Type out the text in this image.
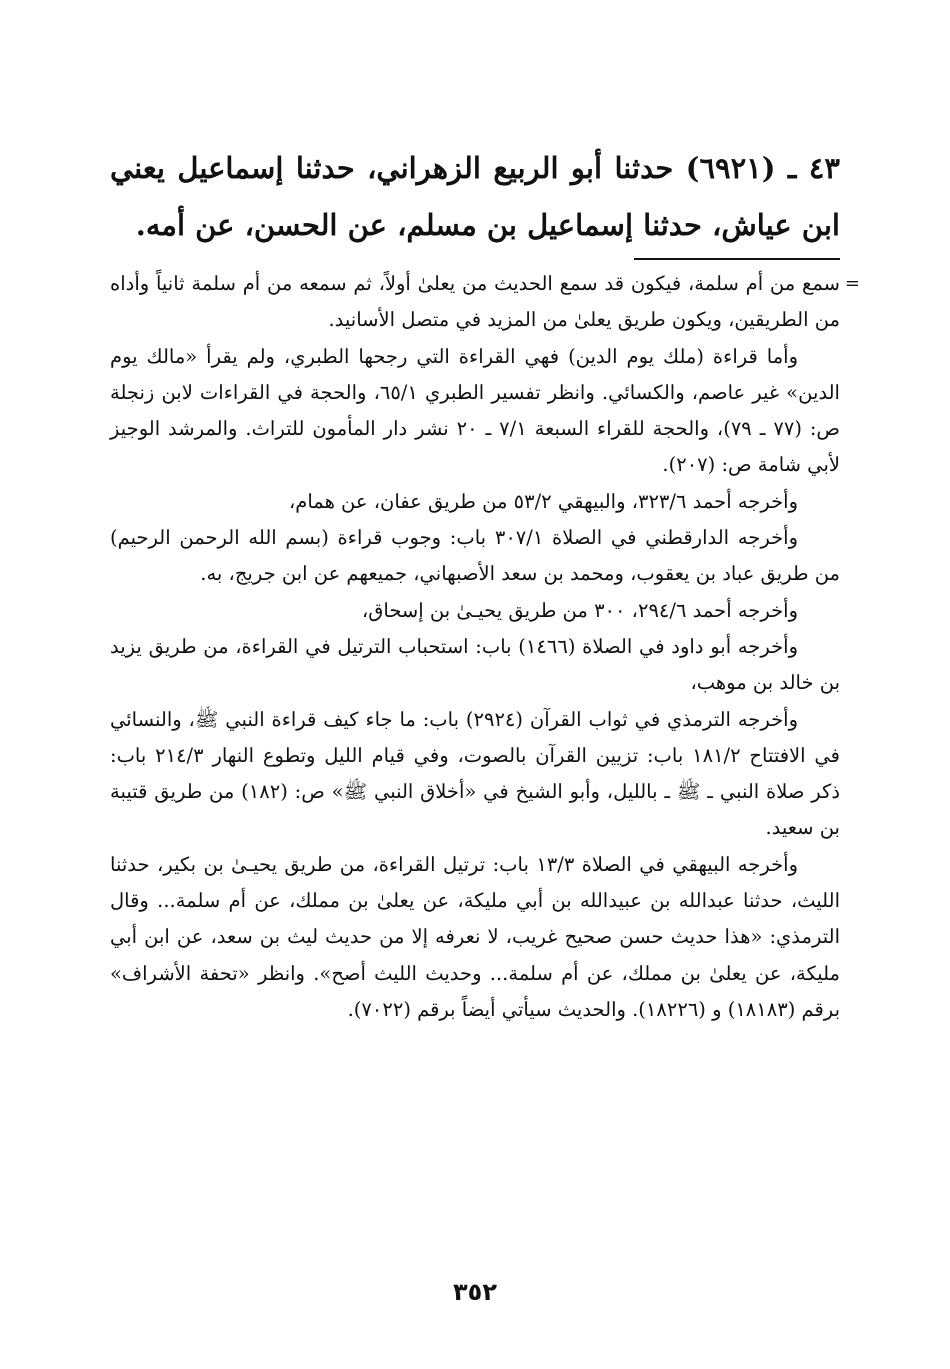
٤٣ ـ (٦٩٢١) حدثنا أبو الربيع الزهراني، حدثنا إسماعيل يعني ابن عياش، حدثنا إسماعيل بن مسلم، عن الحسن، عن أمه.

=
سمع من أم سلمة، فيكون قد سمع الحديث من يعلىٰ أولاً، ثم سمعه من أم سلمة ثانياً وأداه من الطريقين، ويكون طريق يعلىٰ من المزيد في متصل الأسانيد.

وأما قراءة (ملك يوم الدين) فهي القراءة التي رجحها الطبري، ولم يقرأ «مالك يوم الدين» غير عاصم، والكسائي. وانظر تفسير الطبري ٦٥/١، والحجة في القراءات لابن زنجلة ص: (٧٧ ـ ٧٩)، والحجة للقراء السبعة ٧/١ ـ ٢٠ نشر دار المأمون للتراث. والمرشد الوجيز لأبي شامة ص: (٢٠٧).

وأخرجه أحمد ٣٢٣/٦، والبيهقي ٥٣/٢ من طريق عفان، عن همام،

وأخرجه الدارقطني في الصلاة ٣٠٧/١ باب: وجوب قراءة (بسم الله الرحمن الرحيم) من طريق عباد بن يعقوب، ومحمد بن سعد الأصبهاني، جميعهم عن ابن جريج، به.

وأخرجه أحمد ٢٩٤/٦، ٣٠٠ من طريق يحيـىٰ بن إسحاق،

وأخرجه أبو داود في الصلاة (١٤٦٦) باب: استحباب الترتيل في القراءة، من طريق يزيد بن خالد بن موهب،

وأخرجه الترمذي في ثواب القرآن (٢٩٢٤) باب: ما جاء كيف قراءة النبي ﷺ، والنسائي في الافتتاح ١٨١/٢ باب: تزيين القرآن بالصوت، وفي قيام الليل وتطوع النهار ٢١٤/٣ باب: ذكر صلاة النبي ـ ﷺ ـ بالليل، وأبو الشيخ في «أخلاق النبي ﷺ» ص: (١٨٢) من طريق قتيبة بن سعيد.

وأخرجه البيهقي في الصلاة ١٣/٣ باب: ترتيل القراءة، من طريق يحيـىٰ بن بكير، حدثنا الليث، حدثنا عبدالله بن عبيدالله بن أبي مليكة، عن يعلىٰ بن مملك، عن أم سلمة... وقال الترمذي: «هذا حديث حسن صحيح غريب، لا نعرفه إلا من حديث ليث بن سعد، عن ابن أبي مليكة، عن يعلىٰ بن مملك، عن أم سلمة... وحديث الليث أصح». وانظر «تحفة الأشراف» برقم (١٨١٨٣) و (١٨٢٢٦). والحديث سيأتي أيضاً برقم (٧٠٢٢).

٣٥٢
